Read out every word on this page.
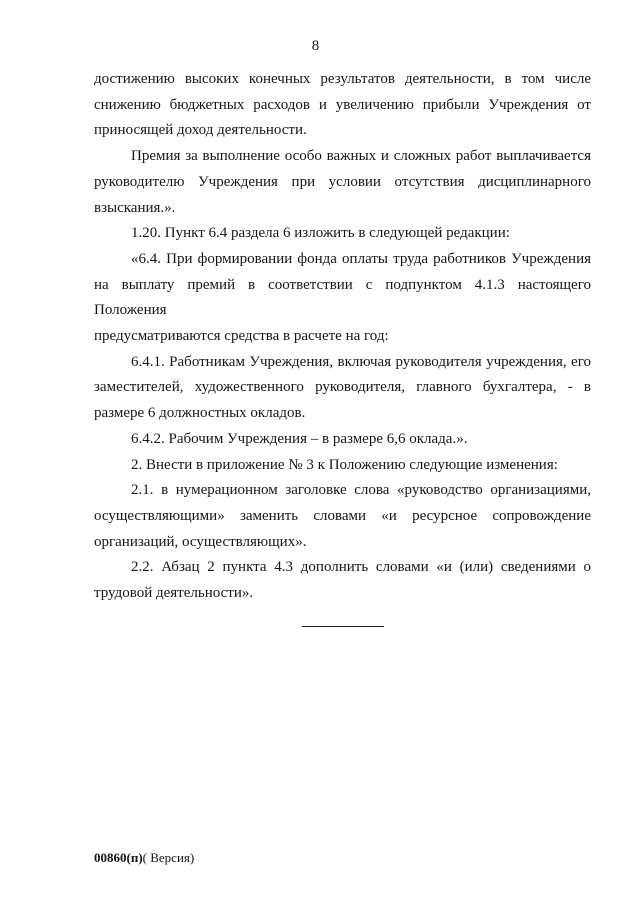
8

достижению высоких конечных результатов деятельности, в том числе
снижению бюджетных расходов и увеличению прибыли Учреждения от
приносящей доход деятельности.

Премия за выполнение особо важных и сложных работ выплачивается
руководителю Учреждения при условии отсутствия дисциплинарного
взыскания.».

1.20. Пункт 6.4 раздела 6 изложить в следующей редакции:

«6.4. При формировании фонда оплаты труда работников Учреждения
на выплату премий в соответствии с подпунктом 4.1.3 настоящего Положения
предусматриваются средства в расчете на год:

6.4.1. Работникам Учреждения, включая руководителя учреждения, его
заместителей, художественного руководителя, главного бухгалтера, - в
размере 6 должностных окладов.

6.4.2. Рабочим Учреждения – в размере 6,6 оклада.».

2. Внести в приложение № 3 к Положению следующие изменения:

2.1. в нумерационном заголовке слова «руководство организациями,
осуществляющими» заменить словами «и ресурсное сопровождение
организаций, осуществляющих».

2.2. Абзац 2 пункта 4.3 дополнить словами «и (или) сведениями о
трудовой деятельности».

00860(п)( Версия)
